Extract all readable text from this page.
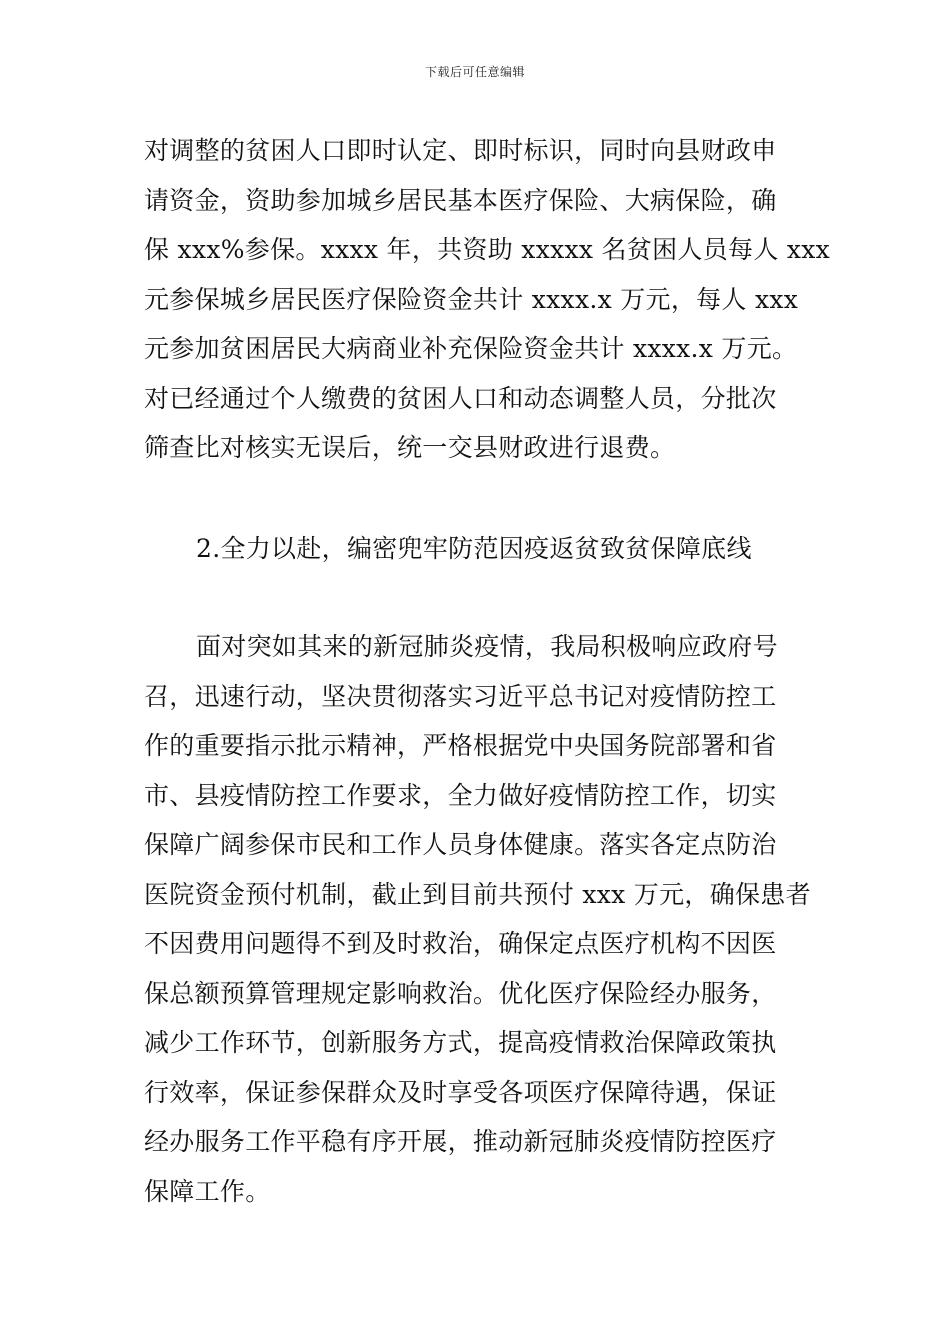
下载后可任意编辑
对调整的贫困人口即时认定、即时标识，同时向县财政申
请资金，资助参加城乡居民基本医疗保险、大病保险，确
保 xxx%参保。xxxx 年，共资助 xxxxx 名贫困人员每人 xxx
元参保城乡居民医疗保险资金共计 xxxx.x 万元，每人 xxx
元参加贫困居民大病商业补充保险资金共计 xxxx.x 万元。
对已经通过个人缴费的贫困人口和动态调整人员，分批次
筛查比对核实无误后，统一交县财政进行退费。
2.全力以赴，编密兜牢防范因疫返贫致贫保障底线
面对突如其来的新冠肺炎疫情，我局积极响应政府号
召，迅速行动，坚决贯彻落实习近平总书记对疫情防控工
作的重要指示批示精神，严格根据党中央国务院部署和省
市、县疫情防控工作要求，全力做好疫情防控工作，切实
保障广阔参保市民和工作人员身体健康。落实各定点防治
医院资金预付机制，截止到目前共预付 xxx 万元，确保患者
不因费用问题得不到及时救治，确保定点医疗机构不因医
保总额预算管理规定影响救治。优化医疗保险经办服务，
减少工作环节，创新服务方式，提高疫情救治保障政策执
行效率，保证参保群众及时享受各项医疗保障待遇，保证
经办服务工作平稳有序开展，推动新冠肺炎疫情防控医疗
保障工作。
